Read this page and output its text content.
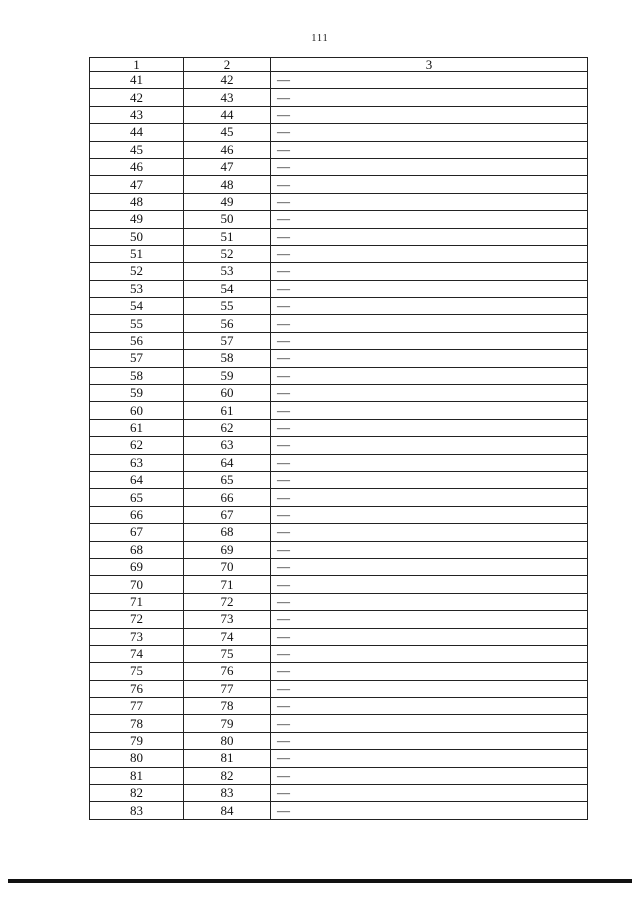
111
1	2	3
41	42	—
42	43	—
43	44	—
44	45	—
45	46	—
46	47	—
47	48	—
48	49	—
49	50	—
50	51	—
51	52	—
52	53	—
53	54	—
54	55	—
55	56	—
56	57	—
57	58	—
58	59	—
59	60	—
60	61	—
61	62	—
62	63	—
63	64	—
64	65	—
65	66	—
66	67	—
67	68	—
68	69	—
69	70	—
70	71	—
71	72	—
72	73	—
73	74	—
74	75	—
75	76	—
76	77	—
77	78	—
78	79	—
79	80	—
80	81	—
81	82	—
82	83	—
83	84	—
